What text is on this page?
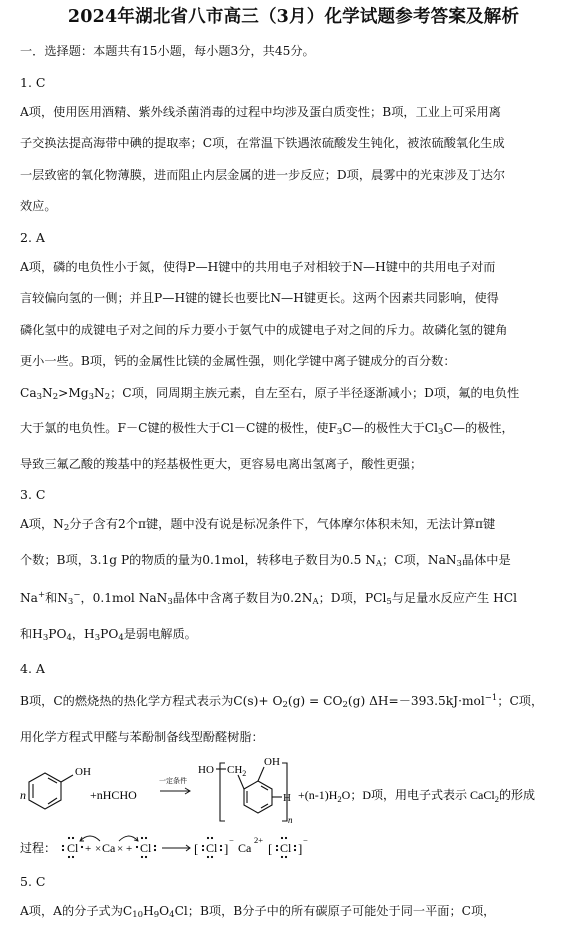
2024年湖北省八市高三（3月）化学试题参考答案及解析

一．选择题：本题共有15小题，每小题3分，共45分。

1. C

A项，使用医用酒精、紫外线杀菌消毒的过程中均涉及蛋白质变性；B项，工业上可采用离

子交换法提高海带中碘的提取率；C项，在常温下铁遇浓硫酸发生钝化，被浓硫酸氧化生成

一层致密的氧化物薄膜，进而阻止内层金属的进一步反应；D项，晨雾中的光束涉及丁达尔

效应。

2. A

A项，磷的电负性小于氮，使得P—H键中的共用电子对相较于N—H键中的共用电子对而

言较偏向氢的一侧；并且P—H键的键长也要比N—H键更长。这两个因素共同影响，使得

磷化氢中的成键电子对之间的斥力要小于氨气中的成键电子对之间的斥力。故磷化氢的键角

更小一些。B项，钙的金属性比镁的金属性强，则化学键中离子键成分的百分数：

$Ca_3N_2>Mg_3N_2$；C项，同周期主族元素，自左至右，原子半径逐渐减小；D项，氟的电负性

大于氯的电负性。F－C键的极性大于Cl－C键的极性，使$F_3C—$的极性大于$Cl_3C—$的极性，

导致三氟乙酸的羧基中的羟基极性更大，更容易电离出氢离子，酸性更强；

3. C

A项，$N_2$分子含有2个π键，题中没有说是标况条件下，气体摩尔体积未知，无法计算π键

个数；B项，3.1g P的物质的量为0.1mol，转移电子数目为0.5 $N_A$；C项，NaN$_3$晶体中是

Na+和$N_3^-$，0.1mol NaN$_3$晶体中含离子数目为$0.2N_A$；D项，PCl$_5$与足量水反应产生 HCl

和$H_3PO_4$，$H_3PO_4$是弱电解质。

4. A

B项，C的燃烧热的热化学方程式表示为$C(s)+ O_2(g) = CO_2(g)$ ΔH=－393.5kJ·mol$^{-1}$；C项，

用化学方程式甲醛与苯酚制备线型酚醛树脂：

n
OH
+nHCHO
一定条件
HO $CH_2$
OH
H
n
$+(n-1)H_2O$；D项，用电子式表示 CaCl$_2$的形成
过程： Cl + × Ca × + Cl	[ Cl ]
−
Ca
2+
[ Cl ]
−

5. C

A项，A的分子式为$C_{10}H_9O_4Cl$；B项，B分子中的所有碳原子可能处于同一平面；C项，
